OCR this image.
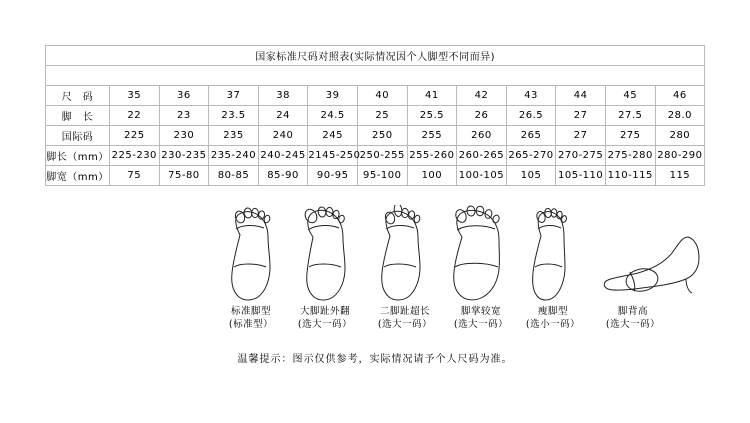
国家标准尺码对照表(实际情况因个人脚型不同而异)												

尺　码	35	36	37	38	39	40	41	42	43	44	45	46
脚　长	22	23	23.5	24	24.5	25	25.5	26	26.5	27	27.5	28.0
国际码	225	230	235	240	245	250	255	260	265	27	275	280
脚长（mm）	225-230	230-235	235-240	240-245	2145-250	250-255	255-260	260-265	265-270	270-275	275-280	280-290
脚宽（mm）	75	75-80	80-85	85-90	90-95	95-100	100	100-105	105	105-110	110-115	115
标准脚型
(标准型）
大脚趾外翻
(选大一码）
二脚趾超长
(选大一码）
脚掌较宽
(选大一码）
瘦脚型
(选小一码）
脚背高
(选大一码）
温馨提示：图示仅供参考，实际情况请予个人尺码为准。
